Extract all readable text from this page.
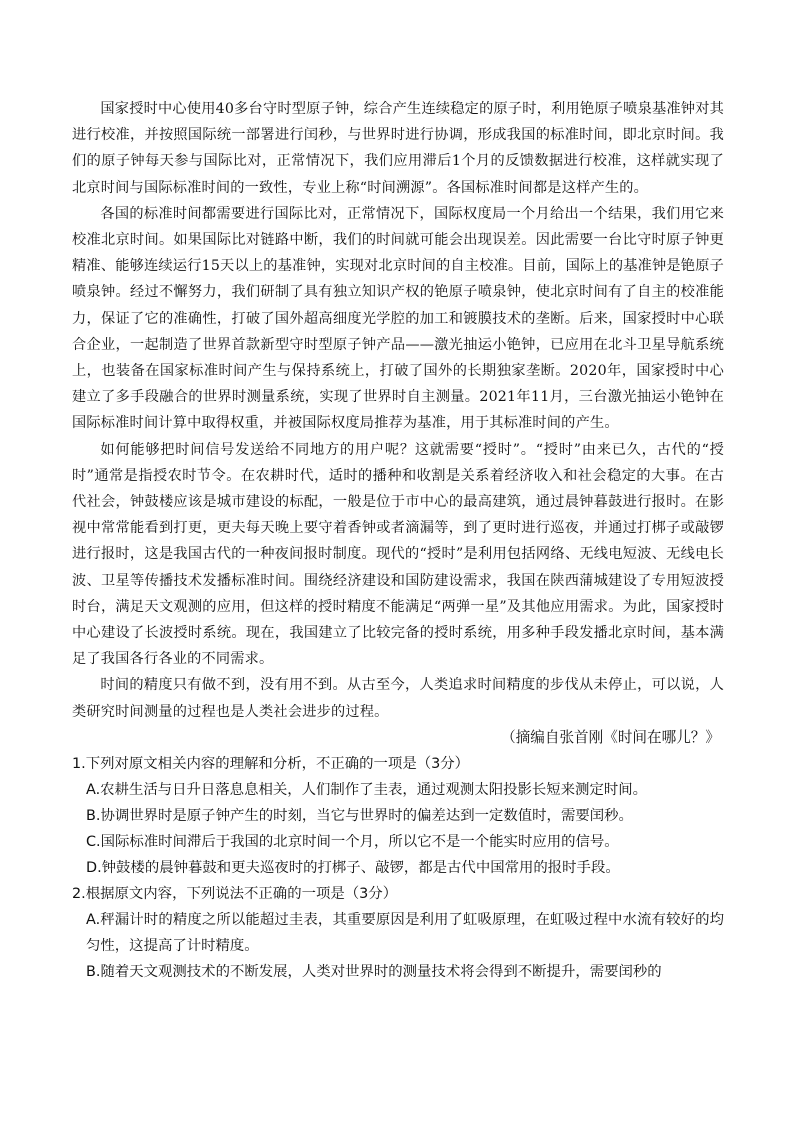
国家授时中心使用40多台守时型原子钟，综合产生连续稳定的原子时，利用铯原子喷泉基准钟对其进行校准，并按照国际统一部署进行闰秒，与世界时进行协调，形成我国的标准时间，即北京时间。我们的原子钟每天参与国际比对，正常情况下，我们应用滞后1个月的反馈数据进行校准，这样就实现了北京时间与国际标准时间的一致性，专业上称“时间溯源”。各国标准时间都是这样产生的。

各国的标准时间都需要进行国际比对，正常情况下，国际权度局一个月给出一个结果，我们用它来校准北京时间。如果国际比对链路中断，我们的时间就可能会出现误差。因此需要一台比守时原子钟更精准、能够连续运行15天以上的基准钟，实现对北京时间的自主校准。目前，国际上的基准钟是铯原子喷泉钟。经过不懈努力，我们研制了具有独立知识产权的铯原子喷泉钟，使北京时间有了自主的校准能力，保证了它的准确性，打破了国外超高细度光学腔的加工和镀膜技术的垄断。后来，国家授时中心联合企业，一起制造了世界首款新型守时型原子钟产品——激光抽运小铯钟，已应用在北斗卫星导航系统上，也装备在国家标准时间产生与保持系统上，打破了国外的长期独家垄断。2020年，国家授时中心建立了多手段融合的世界时测量系统，实现了世界时自主测量。2021年11月，三台激光抽运小铯钟在国际标准时间计算中取得权重，并被国际权度局推荐为基准，用于其标准时间的产生。

如何能够把时间信号发送给不同地方的用户呢？这就需要“授时”。“授时”由来已久，古代的“授时”通常是指授农时节令。在农耕时代，适时的播种和收割是关系着经济收入和社会稳定的大事。在古代社会，钟鼓楼应该是城市建设的标配，一般是位于市中心的最高建筑，通过晨钟暮鼓进行报时。在影视中常常能看到打更，更夫每天晚上要守着香钟或者滴漏等，到了更时进行巡夜，并通过打梆子或敲锣进行报时，这是我国古代的一种夜间报时制度。现代的“授时”是利用包括网络、无线电短波、无线电长波、卫星等传播技术发播标准时间。围绕经济建设和国防建设需求，我国在陕西蒲城建设了专用短波授时台，满足天文观测的应用，但这样的授时精度不能满足“两弹一星”及其他应用需求。为此，国家授时中心建设了长波授时系统。现在，我国建立了比较完备的授时系统，用多种手段发播北京时间，基本满足了我国各行各业的不同需求。

时间的精度只有做不到，没有用不到。从古至今，人类追求时间精度的步伐从未停止，可以说，人类研究时间测量的过程也是人类社会进步的过程。

（摘编自张首刚《时间在哪儿？》

1.下列对原文相关内容的理解和分析，不正确的一项是（3分）

A.农耕生活与日升日落息息相关，人们制作了圭表，通过观测太阳投影长短来测定时间。

B.协调世界时是原子钟产生的时刻，当它与世界时的偏差达到一定数值时，需要闰秒。

C.国际标准时间滞后于我国的北京时间一个月，所以它不是一个能实时应用的信号。

D.钟鼓楼的晨钟暮鼓和更夫巡夜时的打梆子、敲锣，都是古代中国常用的报时手段。

2.根据原文内容，下列说法不正确的一项是（3分）

A.秤漏计时的精度之所以能超过圭表，其重要原因是利用了虹吸原理，在虹吸过程中水流有较好的均匀性，这提高了计时精度。

B.随着天文观测技术的不断发展，人类对世界时的测量技术将会得到不断提升，需要闰秒的
